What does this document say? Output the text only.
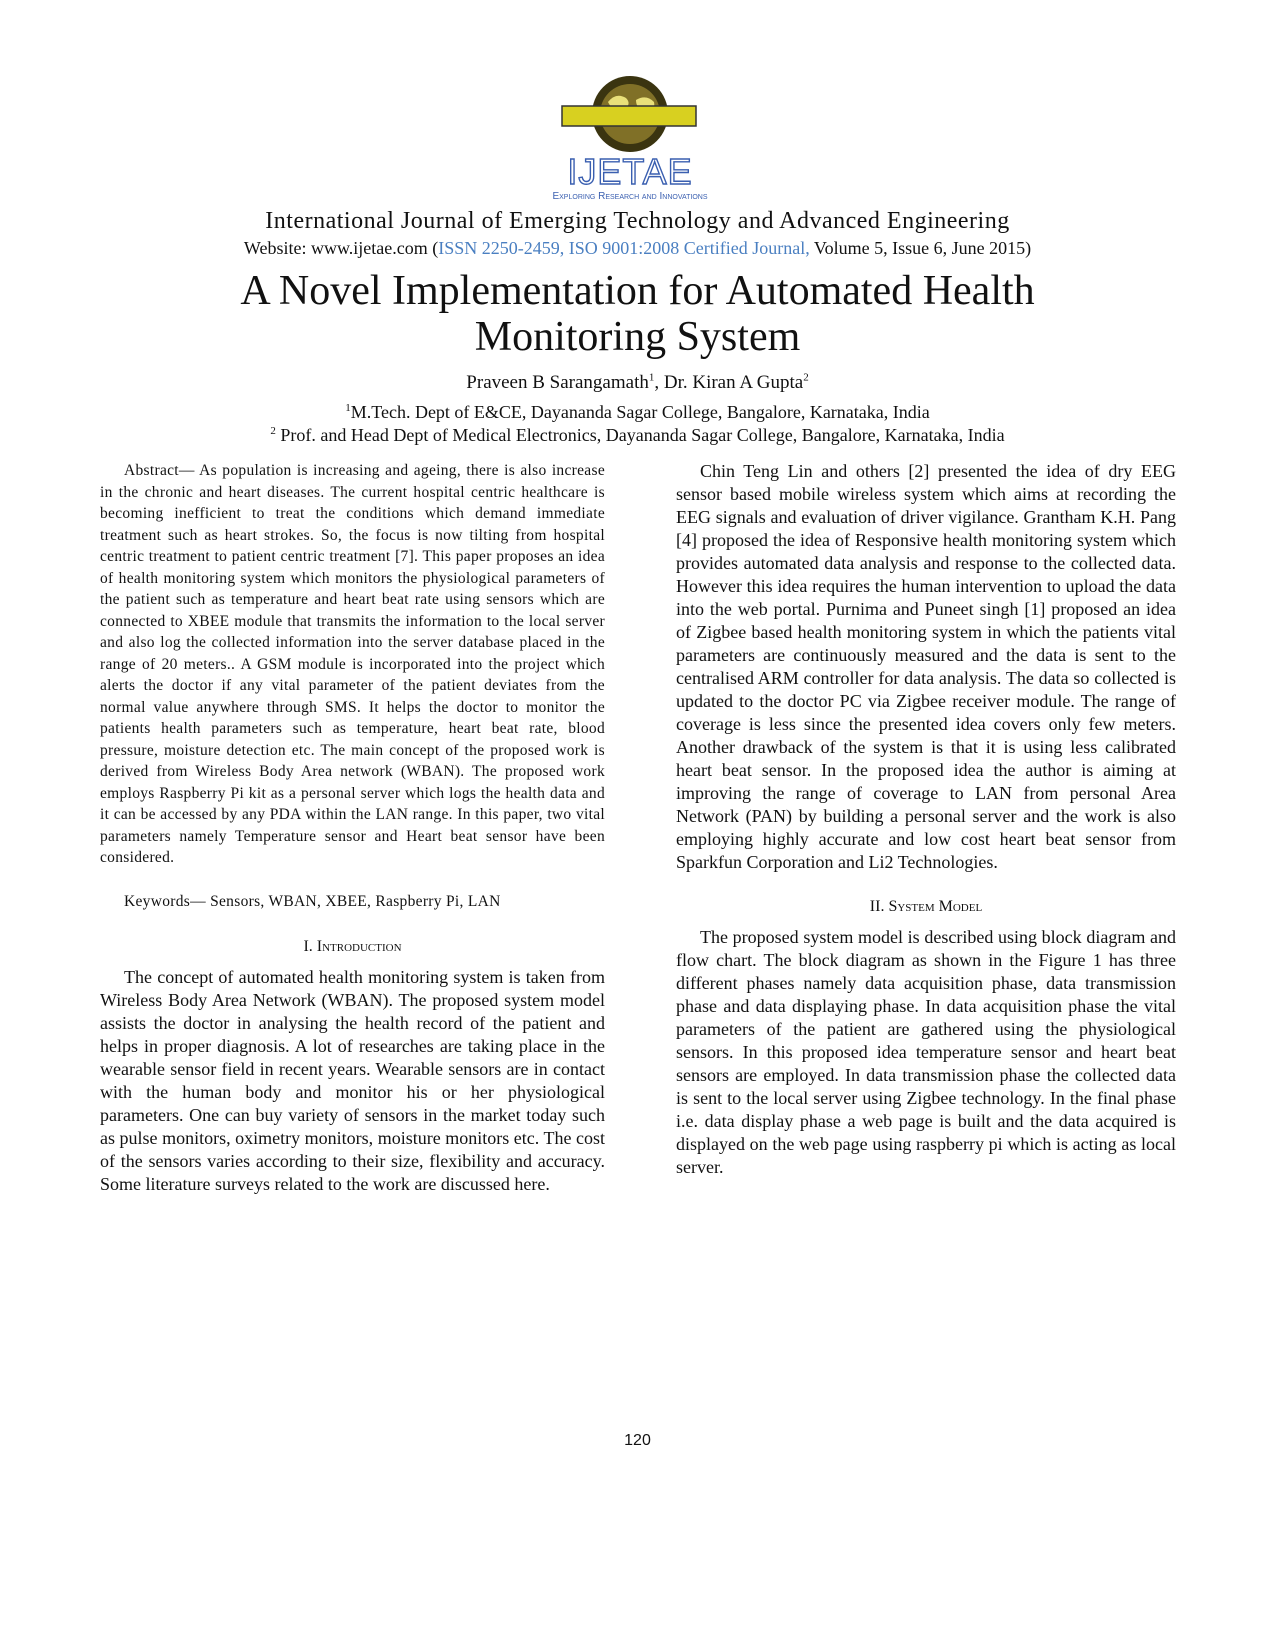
IJETAE
Exploring Research and Innovations
International Journal of Emerging Technology and Advanced Engineering
Website: www.ijetae.com (ISSN 2250-2459, ISO 9001:2008 Certified Journal, Volume 5, Issue 6, June 2015)
A Novel Implementation for Automated Health Monitoring System
Praveen B Sarangamath$^1$, Dr. Kiran A Gupta$^2$
$^1$M.Tech. Dept of E&CE, Dayananda Sagar College, Bangalore, Karnataka, India
$^2$ Prof. and Head Dept of Medical Electronics, Dayananda Sagar College, Bangalore, Karnataka, India

Abstract— As population is increasing and ageing, there is also increase in the chronic and heart diseases. The current hospital centric healthcare is becoming inefficient to treat the conditions which demand immediate treatment such as heart strokes. So, the focus is now tilting from hospital centric treatment to patient centric treatment [7]. This paper proposes an idea of health monitoring system which monitors the physiological parameters of the patient such as temperature and heart beat rate using sensors which are connected to XBEE module that transmits the information to the local server and also log the collected information into the server database placed in the range of 20 meters.. A GSM module is incorporated into the project which alerts the doctor if any vital parameter of the patient deviates from the normal value anywhere through SMS. It helps the doctor to monitor the patients health parameters such as temperature, heart beat rate, blood pressure, moisture detection etc. The main concept of the proposed work is derived from Wireless Body Area network (WBAN). The proposed work employs Raspberry Pi kit as a personal server which logs the health data and it can be accessed by any PDA within the LAN range. In this paper, two vital parameters namely Temperature sensor and Heart beat sensor have been considered.

Keywords— Sensors, WBAN, XBEE, Raspberry Pi, LAN

I. Introduction

The concept of automated health monitoring system is taken from Wireless Body Area Network (WBAN). The proposed system model assists the doctor in analysing the health record of the patient and helps in proper diagnosis. A lot of researches are taking place in the wearable sensor field in recent years. Wearable sensors are in contact with the human body and monitor his or her physiological parameters. One can buy variety of sensors in the market today such as pulse monitors, oximetry monitors, moisture monitors etc. The cost of the sensors varies according to their size, flexibility and accuracy. Some literature surveys related to the work are discussed here.

Chin Teng Lin and others [2] presented the idea of dry EEG sensor based mobile wireless system which aims at recording the EEG signals and evaluation of driver vigilance. Grantham K.H. Pang [4] proposed the idea of Responsive health monitoring system which provides automated data analysis and response to the collected data. However this idea requires the human intervention to upload the data into the web portal. Purnima and Puneet singh [1] proposed an idea of Zigbee based health monitoring system in which the patients vital parameters are continuously measured and the data is sent to the centralised ARM controller for data analysis. The data so collected is updated to the doctor PC via Zigbee receiver module. The range of coverage is less since the presented idea covers only few meters. Another drawback of the system is that it is using less calibrated heart beat sensor. In the proposed idea the author is aiming at improving the range of coverage to LAN from personal Area Network (PAN) by building a personal server and the work is also employing highly accurate and low cost heart beat sensor from Sparkfun Corporation and Li2 Technologies.

II. System Model

The proposed system model is described using block diagram and flow chart. The block diagram as shown in the Figure 1 has three different phases namely data acquisition phase, data transmission phase and data displaying phase. In data acquisition phase the vital parameters of the patient are gathered using the physiological sensors. In this proposed idea temperature sensor and heart beat sensors are employed. In data transmission phase the collected data is sent to the local server using Zigbee technology. In the final phase i.e. data display phase a web page is built and the data acquired is displayed on the web page using raspberry pi which is acting as local server.

120
